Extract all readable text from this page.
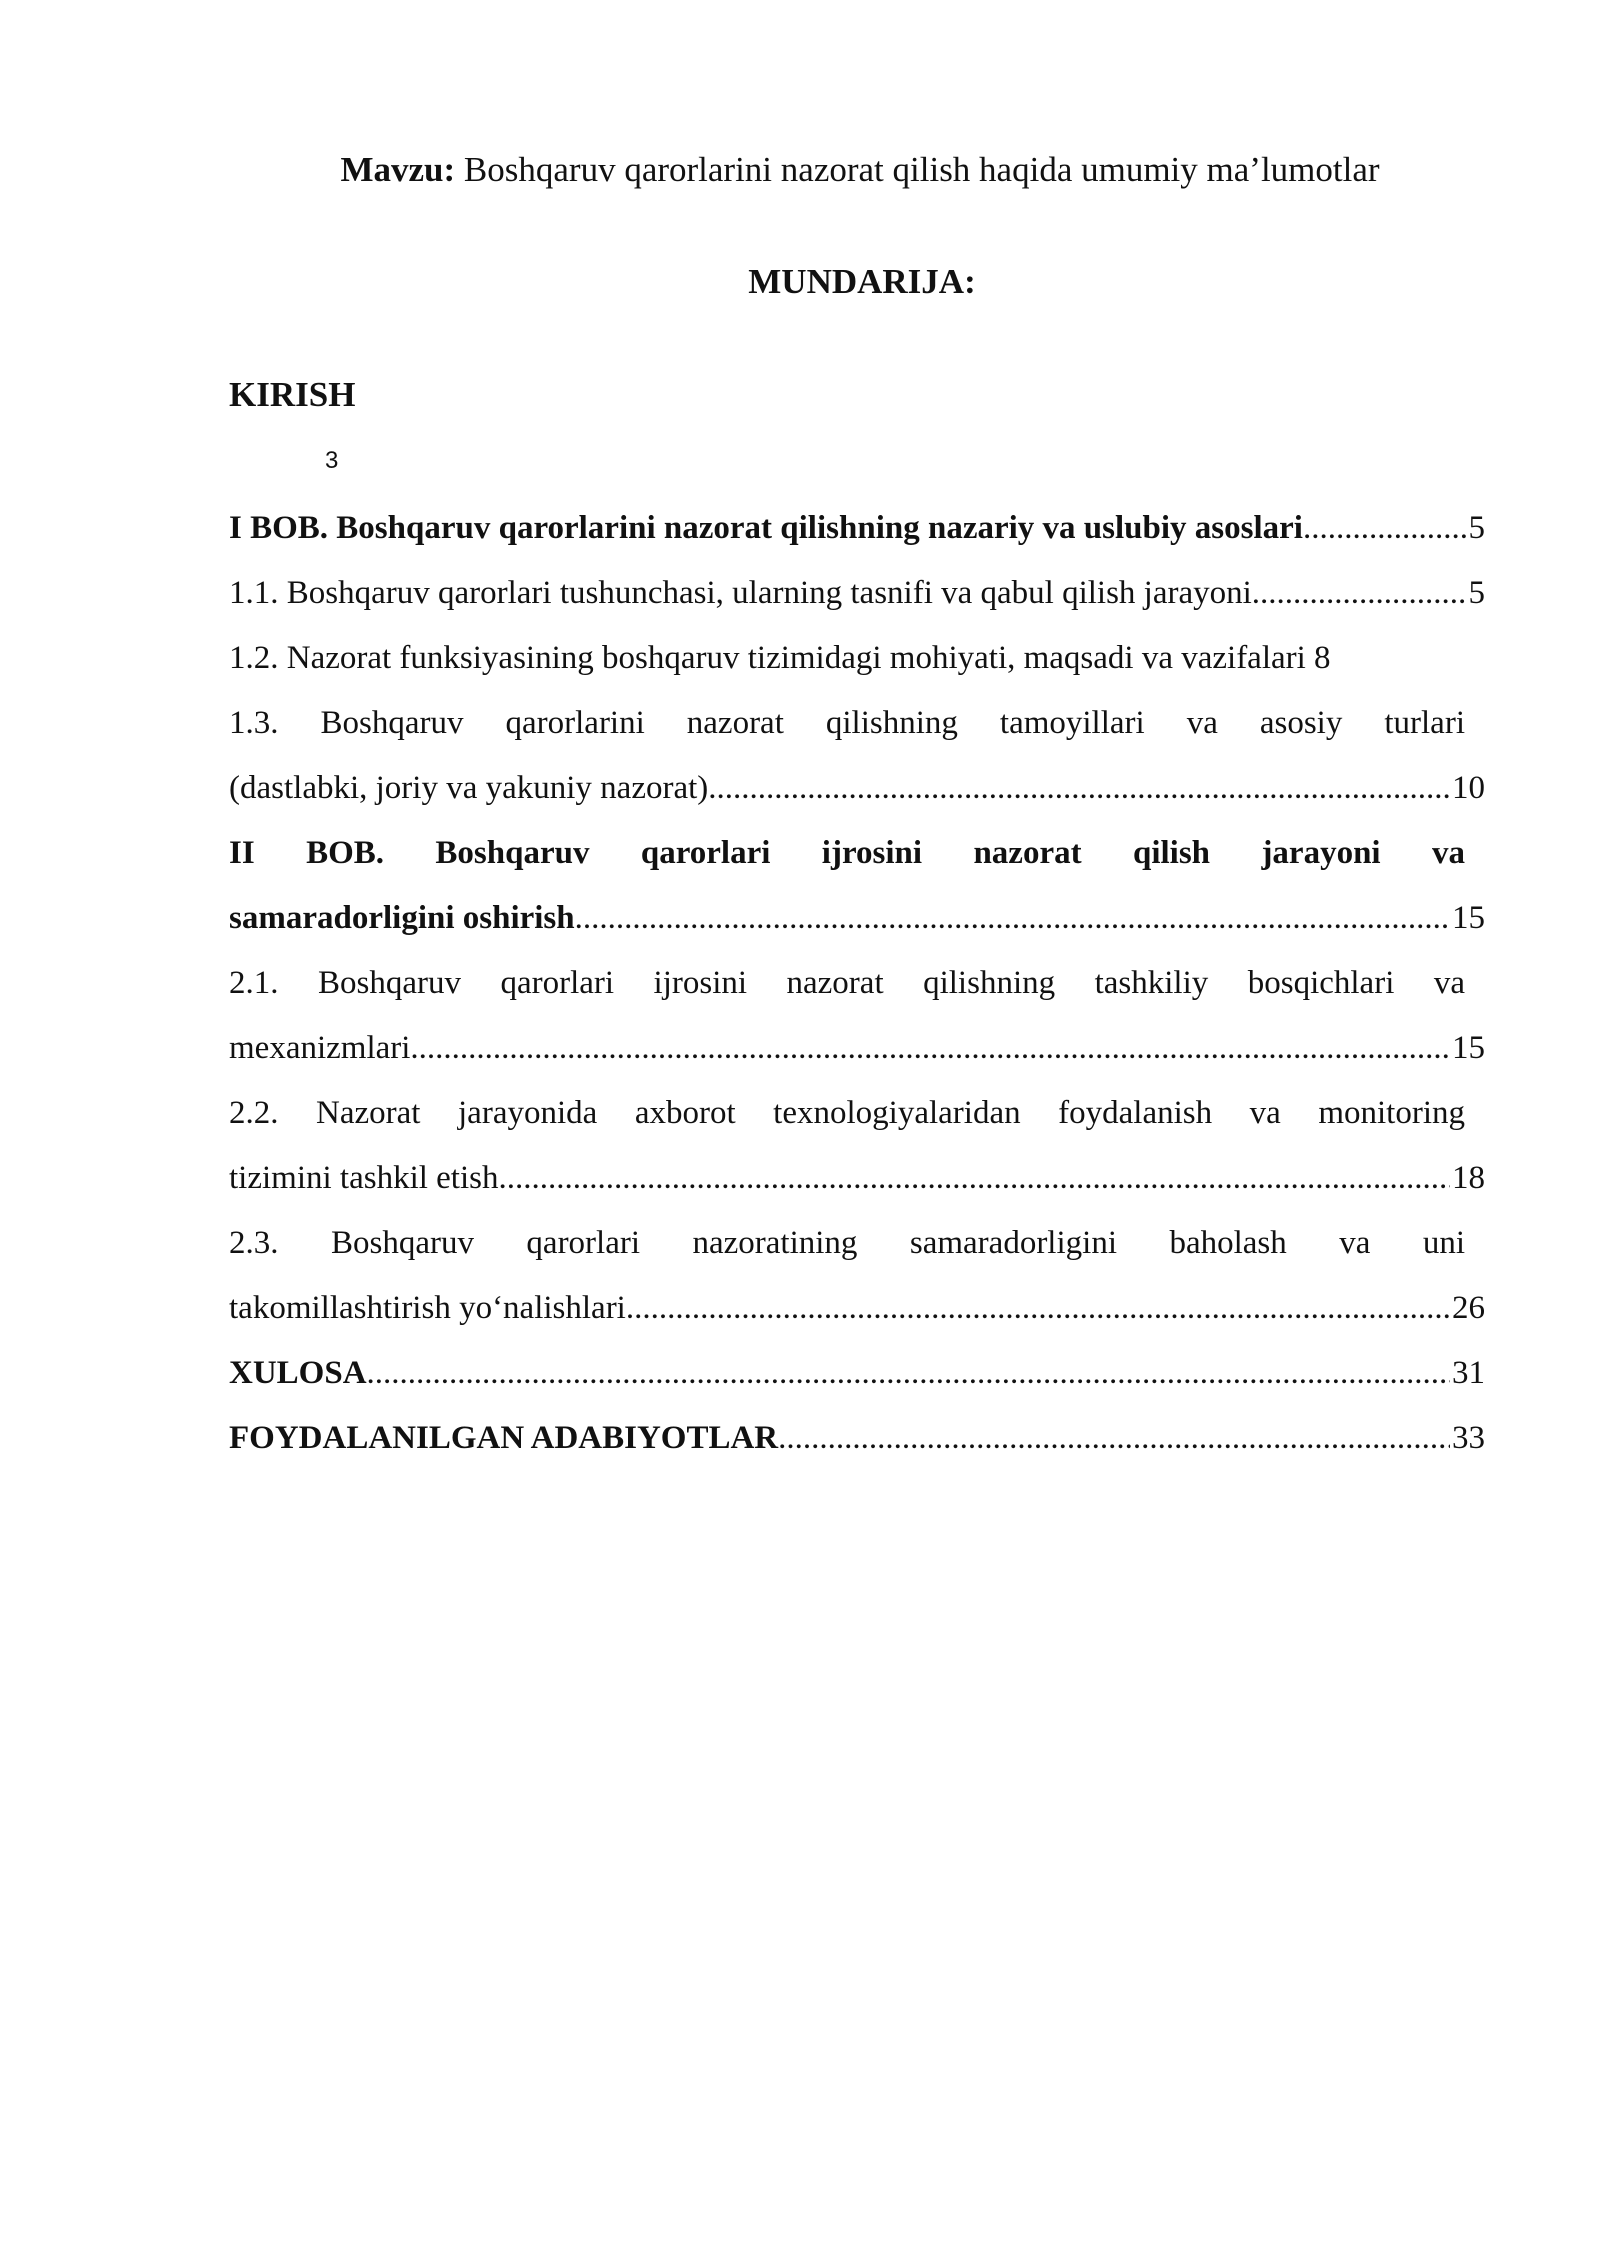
Mavzu: Boshqaruv qarorlarini nazorat qilish haqida umumiy ma’lumotlar
MUNDARIJA:
KIRISH
3
I BOB. Boshqaruv qarorlarini nazorat qilishning nazariy va uslubiy asoslari .....	5
1.1. Boshqaruv qarorlari tushunchasi, ularning tasnifi va qabul qilish jarayoni .....	5
1.2. Nazorat funksiyasining boshqaruv tizimidagi mohiyati, maqsadi va vazifalari 8
1.3. Boshqaruv qarorlarini nazorat qilishning tamoyillari va asosiy turlari
(dastlabki, joriy va yakuniy nazorat) .....	10
II BOB. Boshqaruv qarorlari ijrosini nazorat qilish jarayoni va
samaradorligini oshirish .....	15
2.1. Boshqaruv qarorlari ijrosini nazorat qilishning tashkiliy bosqichlari va
mexanizmlari .....	15
2.2. Nazorat jarayonida axborot texnologiyalaridan foydalanish va monitoring
tizimini tashkil etish .....	18
2.3. Boshqaruv qarorlari nazoratining samaradorligini baholash va uni
takomillashtirish yo‘nalishlari .....	26
XULOSA .....	31
FOYDALANILGAN ADABIYOTLAR .....	33
